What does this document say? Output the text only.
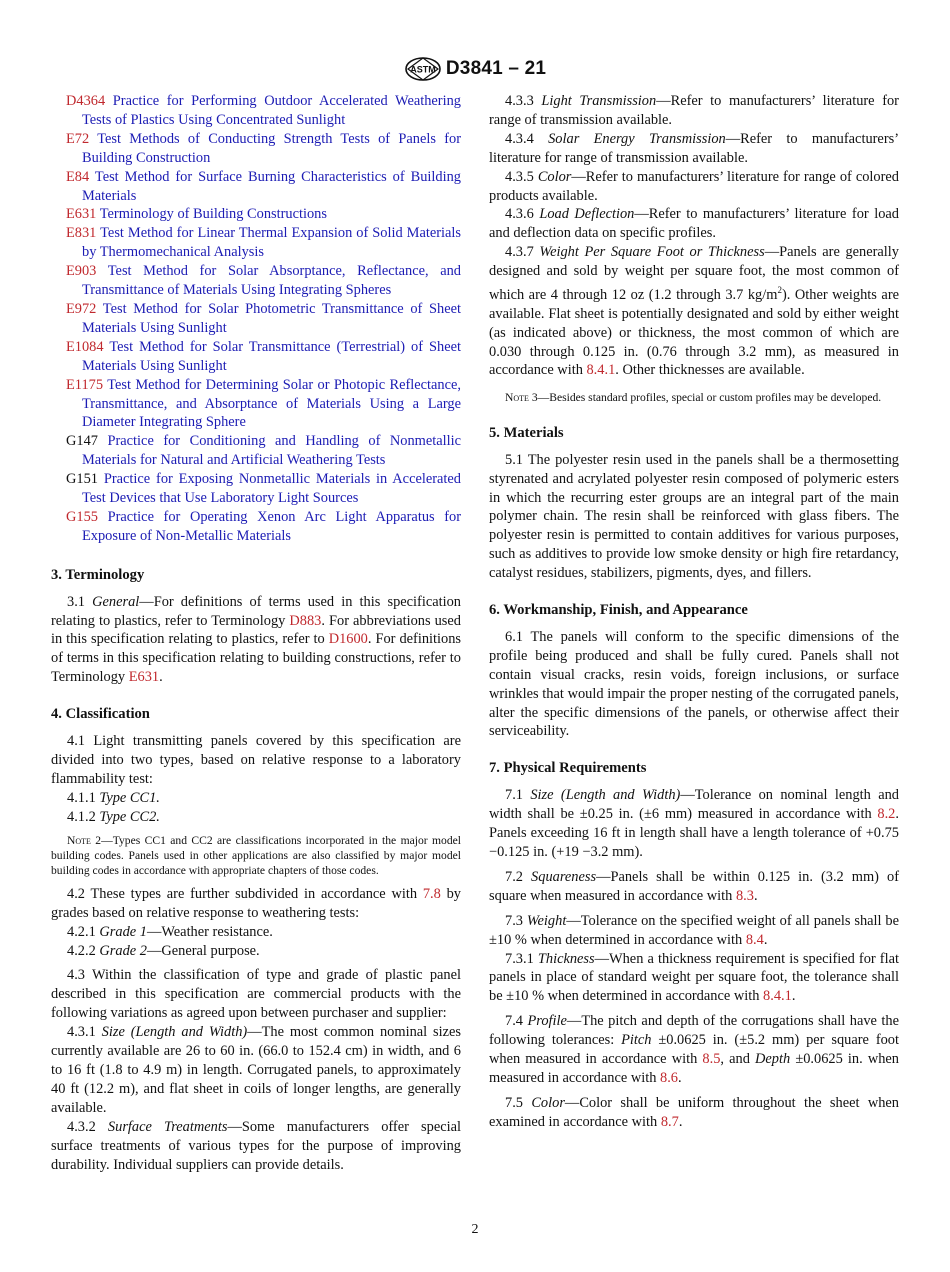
ASTM D3841 – 21

D4364 Practice for Performing Outdoor Accelerated Weathering Tests of Plastics Using Concentrated Sunlight

E72 Test Methods of Conducting Strength Tests of Panels for Building Construction

E84 Test Method for Surface Burning Characteristics of Building Materials

E631 Terminology of Building Constructions

E831 Test Method for Linear Thermal Expansion of Solid Materials by Thermomechanical Analysis

E903 Test Method for Solar Absorptance, Reflectance, and Transmittance of Materials Using Integrating Spheres

E972 Test Method for Solar Photometric Transmittance of Sheet Materials Using Sunlight

E1084 Test Method for Solar Transmittance (Terrestrial) of Sheet Materials Using Sunlight

E1175 Test Method for Determining Solar or Photopic Reflectance, Transmittance, and Absorptance of Materials Using a Large Diameter Integrating Sphere

G147 Practice for Conditioning and Handling of Nonmetallic Materials for Natural and Artificial Weathering Tests

G151 Practice for Exposing Nonmetallic Materials in Accelerated Test Devices that Use Laboratory Light Sources

G155 Practice for Operating Xenon Arc Light Apparatus for Exposure of Non-Metallic Materials

3. Terminology

3.1 General—For definitions of terms used in this specification relating to plastics, refer to Terminology D883. For abbreviations used in this specification relating to plastics, refer to D1600. For definitions of terms in this specification relating to building constructions, refer to Terminology E631.

4. Classification

4.1 Light transmitting panels covered by this specification are divided into two types, based on relative response to a laboratory flammability test:

4.1.1 Type CC1.

4.1.2 Type CC2.

Note 2—Types CC1 and CC2 are classifications incorporated in the major model building codes. Panels used in other applications are also classified by major model building codes in accordance with appropriate chapters of those codes.

4.2 These types are further subdivided in accordance with 7.8 by grades based on relative response to weathering tests:

4.2.1 Grade 1—Weather resistance.

4.2.2 Grade 2—General purpose.

4.3 Within the classification of type and grade of plastic panel described in this specification are commercial products with the following variations as agreed upon between purchaser and supplier:

4.3.1 Size (Length and Width)—The most common nominal sizes currently available are 26 to 60 in. (66.0 to 152.4 cm) in width, and 6 to 16 ft (1.8 to 4.9 m) in length. Corrugated panels, to approximately 40 ft (12.2 m), and flat sheet in coils of longer lengths, are generally available.

4.3.2 Surface Treatments—Some manufacturers offer special surface treatments of various types for the purpose of improving durability. Individual suppliers can provide details.

4.3.3 Light Transmission—Refer to manufacturers’ literature for range of transmission available.

4.3.4 Solar Energy Transmission—Refer to manufacturers’ literature for range of transmission available.

4.3.5 Color—Refer to manufacturers’ literature for range of colored products available.

4.3.6 Load Deflection—Refer to manufacturers’ literature for load and deflection data on specific profiles.

4.3.7 Weight Per Square Foot or Thickness—Panels are generally designed and sold by weight per square foot, the most common of which are 4 through 12 oz (1.2 through 3.7 $kg/m^2$). Other weights are available. Flat sheet is potentially designated and sold by either weight (as indicated above) or thickness, the most common of which are 0.030 through 0.125 in. (0.76 through 3.2 mm), as measured in accordance with 8.4.1. Other thicknesses are available.

Note 3—Besides standard profiles, special or custom profiles may be developed.

5. Materials

5.1 The polyester resin used in the panels shall be a thermosetting styrenated and acrylated polyester resin composed of polymeric esters in which the recurring ester groups are an integral part of the main polymer chain. The resin shall be reinforced with glass fibers. The polyester resin is permitted to contain additives for various purposes, such as additives to provide low smoke density or high fire retardancy, catalyst residues, stabilizers, pigments, dyes, and fillers.

6. Workmanship, Finish, and Appearance

6.1 The panels will conform to the specific dimensions of the profile being produced and shall be fully cured. Panels shall not contain visual cracks, resin voids, foreign inclusions, or surface wrinkles that would impair the proper nesting of the corrugated panels, alter the specific dimensions of the panels, or otherwise affect their serviceability.

7. Physical Requirements

7.1 Size (Length and Width)—Tolerance on nominal length and width shall be ±0.25 in. (±6 mm) measured in accordance with 8.2. Panels exceeding 16 ft in length shall have a length tolerance of +0.75 −0.125 in. (+19 −3.2 mm).

7.2 Squareness—Panels shall be within 0.125 in. (3.2 mm) of square when measured in accordance with 8.3.

7.3 Weight—Tolerance on the specified weight of all panels shall be ±10 % when determined in accordance with 8.4.

7.3.1 Thickness—When a thickness requirement is specified for flat panels in place of standard weight per square foot, the tolerance shall be ±10 % when determined in accordance with 8.4.1.

7.4 Profile—The pitch and depth of the corrugations shall have the following tolerances: Pitch ±0.0625 in. (±5.2 mm) per square foot when measured in accordance with 8.5, and Depth ±0.0625 in. when measured in accordance with 8.6.

7.5 Color—Color shall be uniform throughout the sheet when examined in accordance with 8.7.

2
